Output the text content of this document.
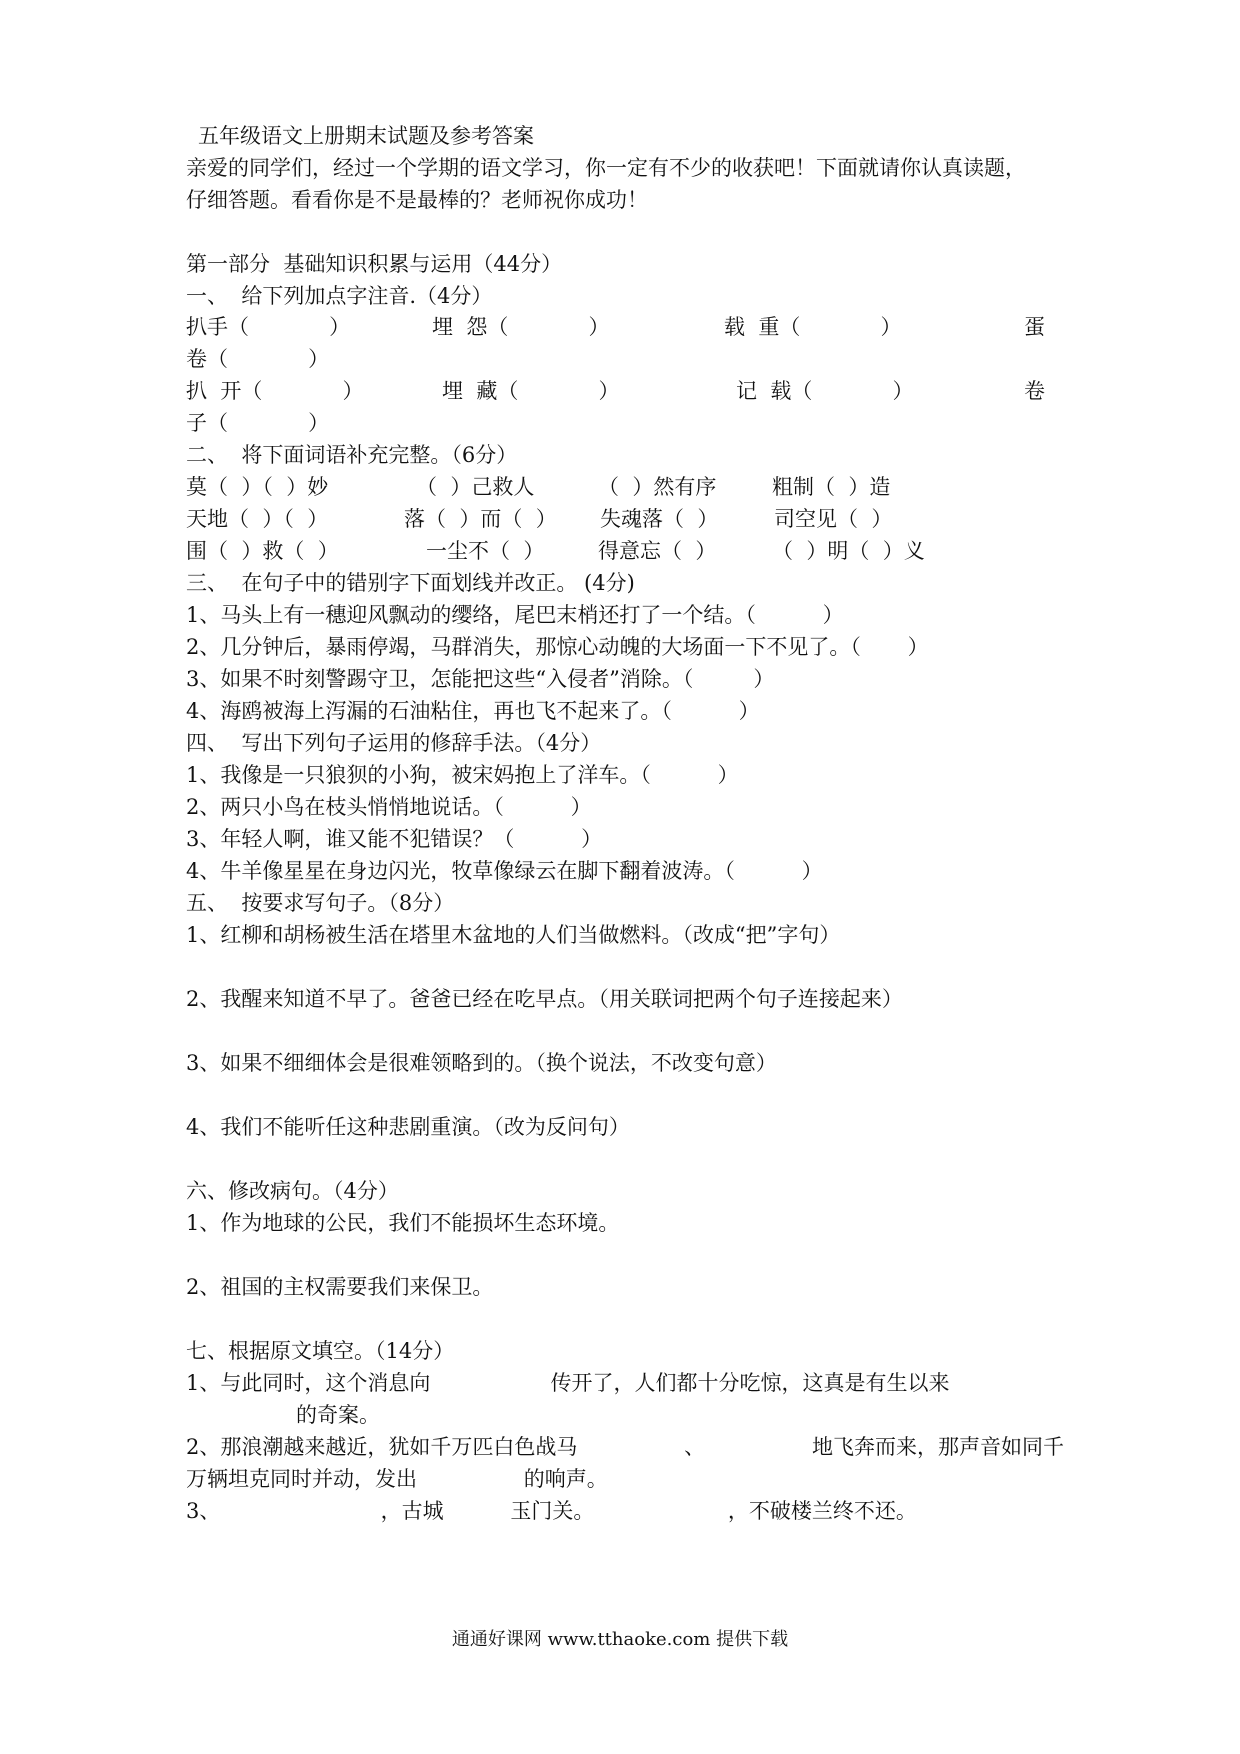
五年级语文上册期末试题及参考答案
亲爱的同学们，经过一个学期的语文学习，你一定有不少的收获吧！下面就请你认真读题，
仔细答题。看看你是不是最棒的？老师祝你成功！
第一部分  基础知识积累与运用（44分）
一、  给下列加点字注音.（4分）
扒手（            ）	埋  怨（            ）	载  重（            ）	蛋
卷（            ）
扒  开（            ）	埋  藏（            ）	记  载（            ）	卷
子（            ）
二、  将下面词语补充完整。（6分）
莫（  ）（  ）妙	（  ）己救人	（  ）然有序	粗制（  ）造
天地（  ）（  ）	落（  ）而（  ） 失魂落（  ）	司空见（  ）
围（  ）救（  ）	一尘不（  ）	得意忘（  ）	（  ）明（  ）义
三、  在句子中的错别字下面划线并改正。 (4分)
1、马头上有一穗迎风飘动的缨络，尾巴末梢还打了一个结。（          ）
2、几分钟后，暴雨停竭，马群消失，那惊心动魄的大场面一下不见了。（       ）
3、如果不时刻警踢守卫，怎能把这些“入侵者”消除。（         ）
4、海鸥被海上泻漏的石油粘住，再也飞不起来了。（          ）
四、  写出下列句子运用的修辞手法。（4分）
1、我像是一只狼狈的小狗，被宋妈抱上了洋车。（          ）
2、两只小鸟在枝头悄悄地说话。（          ）
3、年轻人啊，谁又能不犯错误？（          ）
4、牛羊像星星在身边闪光，牧草像绿云在脚下翻着波涛。（          ）
五、  按要求写句子。（8分）
1、红柳和胡杨被生活在塔里木盆地的人们当做燃料。（改成“把”字句）
2、我醒来知道不早了。爸爸已经在吃早点。（用关联词把两个句子连接起来）
3、如果不细细体会是很难领略到的。（换个说法，不改变句意）
4、我们不能听任这种悲剧重演。（改为反问句）
六、修改病句。（4分）
1、作为地球的公民，我们不能损坏生态环境。
2、祖国的主权需要我们来保卫。
七、根据原文填空。（14分）
1、与此同时，这个消息向                  传开了，人们都十分吃惊，这真是有生以来
的奇案。
2、那浪潮越来越近，犹如千万匹白色战马                、                地飞奔而来，那声音如同千
万辆坦克同时并动，发出                的响声。
3、                        ，古城          玉门关。                    ，不破楼兰终不还。
通通好课网 www.tthaoke.com 提供下载
